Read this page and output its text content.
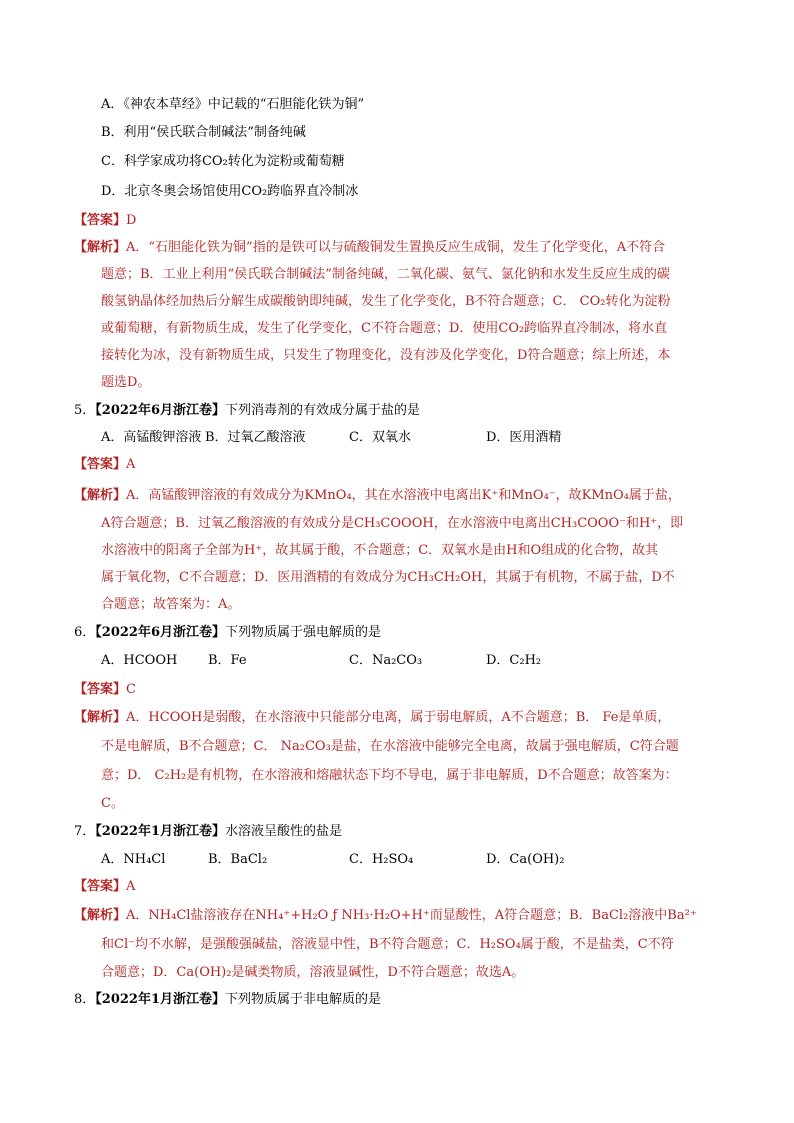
A．《神农本草经》中记载的“石胆能化铁为铜”
B．利用“侯氏联合制碱法”制备纯碱
C．科学家成功将CO₂转化为淀粉或葡萄糖
D．北京冬奥会场馆使用CO₂跨临界直冷制冰
【答案】D
【解析】A．“石胆能化铁为铜”指的是铁可以与硫酸铜发生置换反应生成铜，发生了化学变化，A不符合
题意；B．工业上利用“侯氏联合制碱法”制备纯碱，二氧化碳、氨气、氯化钠和水发生反应生成的碳
酸氢钠晶体经加热后分解生成碳酸钠即纯碱，发生了化学变化，B不符合题意；C． CO₂转化为淀粉
或葡萄糖，有新物质生成，发生了化学变化，C不符合题意；D．使用CO₂跨临界直冷制冰，将水直
接转化为冰，没有新物质生成，只发生了物理变化，没有涉及化学变化，D符合题意；综上所述，本
题选D。
5．【2022年6月浙江卷】下列消毒剂的有效成分属于盐的是
A．高锰酸钾溶液 B．过氧乙酸溶液	C．双氧水	D．医用酒精
【答案】A
【解析】A．高锰酸钾溶液的有效成分为KMnO₄，其在水溶液中电离出K⁺和MnO₄⁻，故KMnO₄属于盐，
A符合题意；B．过氧乙酸溶液的有效成分是CH₃COOOH，在水溶液中电离出CH₃COOO⁻和H⁺，即
水溶液中的阳离子全部为H⁺，故其属于酸，不合题意；C．双氧水是由H和O组成的化合物，故其
属于氧化物，C不合题意；D．医用酒精的有效成分为CH₃CH₂OH，其属于有机物，不属于盐，D不
合题意；故答案为：A。
6．【2022年6月浙江卷】下列物质属于强电解质的是
A．HCOOH B．Fe	C．Na₂CO₃	D．C₂H₂
【答案】C
【解析】A．HCOOH是弱酸，在水溶液中只能部分电离，属于弱电解质，A不合题意；B． Fe是单质，
不是电解质，B不合题意；C． Na₂CO₃是盐，在水溶液中能够完全电离，故属于强电解质，C符合题
意；D． C₂H₂是有机物，在水溶液和熔融状态下均不导电，属于非电解质，D不合题意；故答案为：
C。
7．【2022年1月浙江卷】水溶液呈酸性的盐是
A．NH₄Cl	B．BaCl₂	C．H₂SO₄	D．Ca(OH)₂
【答案】A
【解析】A．NH₄Cl盐溶液存在NH₄⁺+H₂O ƒ NH₃·H₂O+H⁺而显酸性，A符合题意；B．BaCl₂溶液中Ba²⁺
和Cl⁻均不水解，是强酸强碱盐，溶液显中性，B不符合题意；C．H₂SO₄属于酸，不是盐类，C不符
合题意；D．Ca(OH)₂是碱类物质，溶液显碱性，D不符合题意；故选A。
8．【2022年1月浙江卷】下列物质属于非电解质的是
